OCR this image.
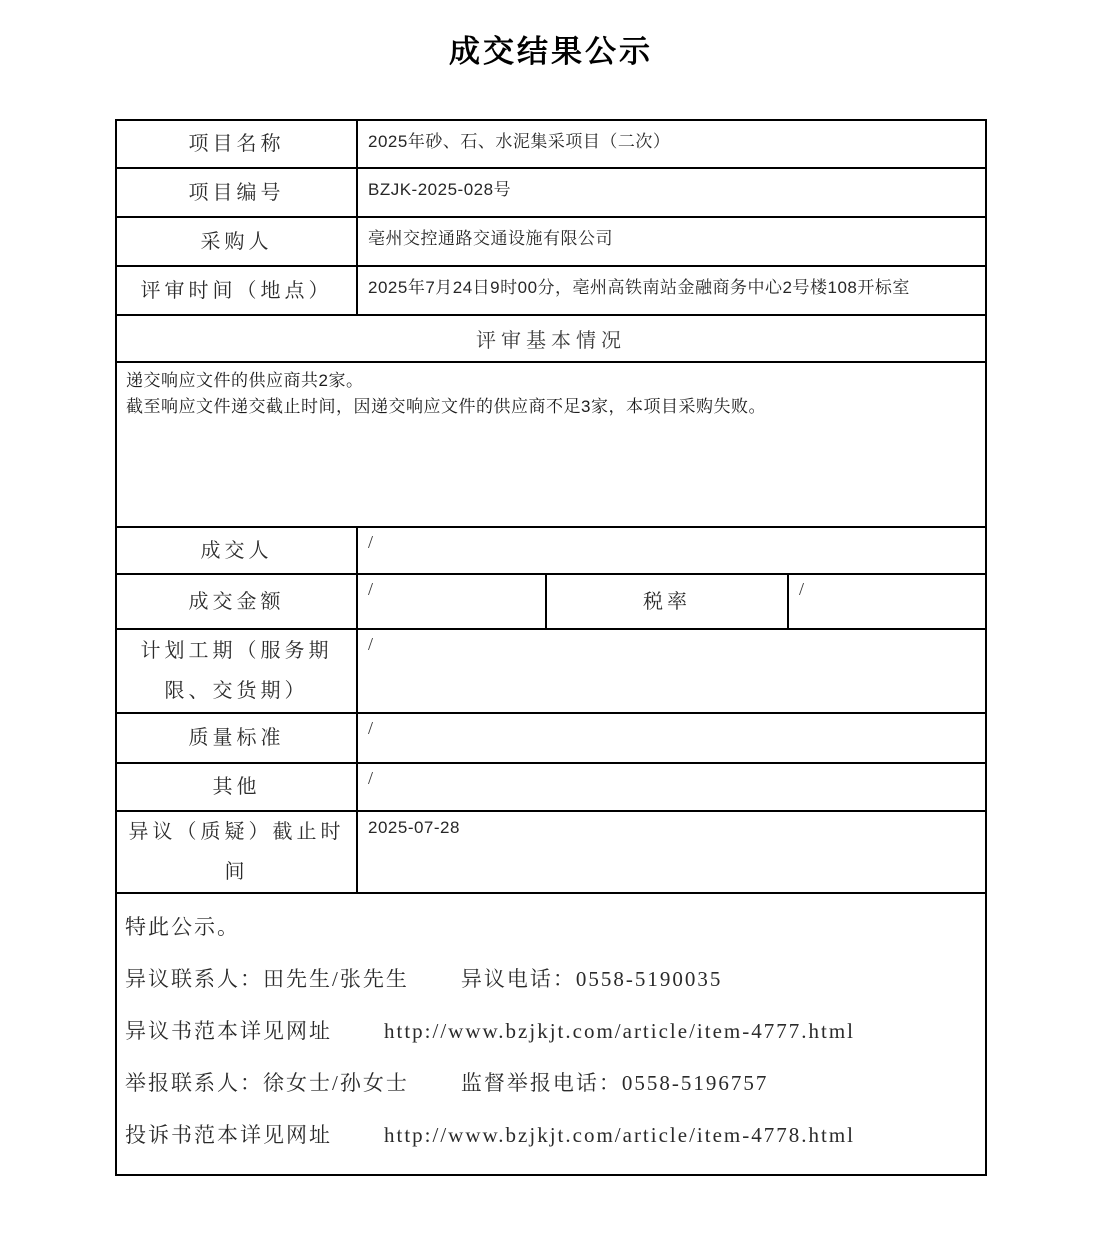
成交结果公示
项目名称	2025年砂、石、水泥集采项目（二次）		
项目编号	BZJK-2025-028号		
采购人	亳州交控通路交通设施有限公司		
评审时间（地点）	2025年7月24日9时00分，亳州高铁南站金融商务中心2号楼108开标室		
评审基本情况			

递交响应文件的供应商共2家。
截至响应文件递交截止时间，因递交响应文件的供应商不足3家，本项目采购失败。			

成交人	/		
成交金额	/	税率	/
计划工期（服务期限、交货期）	/		
质量标准	/		
其他	/		
异议（质疑）截止时间	2025-07-28		

特此公示。
异议联系人：田先生/张先生 异议电话：0558-5190035
异议书范本详见网址 http://www.bzjkjt.com/article/item-4777.html
举报联系人：徐女士/孙女士 监督举报电话：0558-5196757
投诉书范本详见网址 http://www.bzjkjt.com/article/item-4778.html			
